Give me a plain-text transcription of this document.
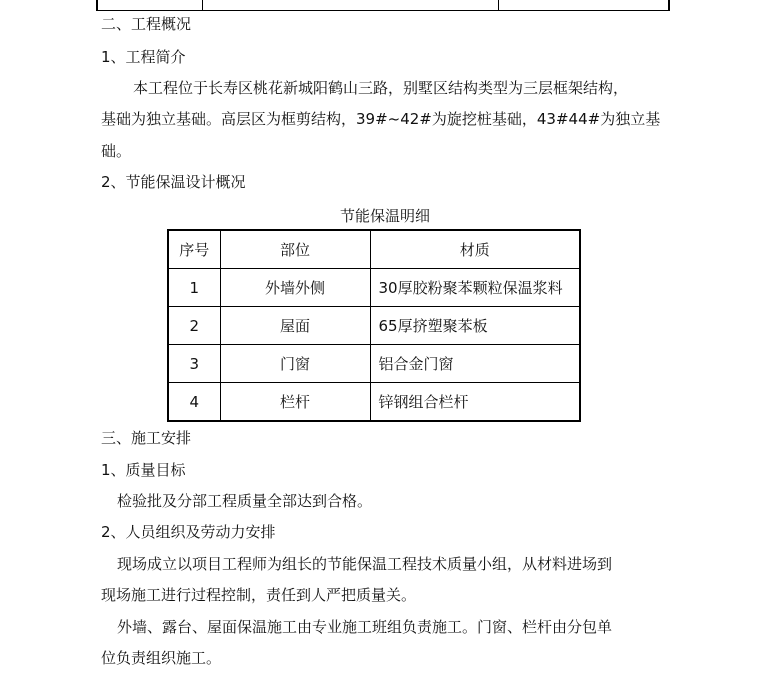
二、工程概况
1、工程简介
本工程位于长寿区桃花新城阳鹤山三路，别墅区结构类型为三层框架结构，
基础为独立基础。高层区为框剪结构，39#~42#为旋挖桩基础，43#44#为独立基
础。
2、节能保温设计概况
节能保温明细
序号	部位	材质
1	外墙外侧	30厚胶粉聚苯颗粒保温浆料
2	屋面	65厚挤塑聚苯板
3	门窗	铝合金门窗
4	栏杆	锌钢组合栏杆
三、施工安排
1、质量目标
检验批及分部工程质量全部达到合格。
2、人员组织及劳动力安排
现场成立以项目工程师为组长的节能保温工程技术质量小组，从材料进场到
现场施工进行过程控制，责任到人严把质量关。
外墙、露台、屋面保温施工由专业施工班组负责施工。门窗、栏杆由分包单
位负责组织施工。
